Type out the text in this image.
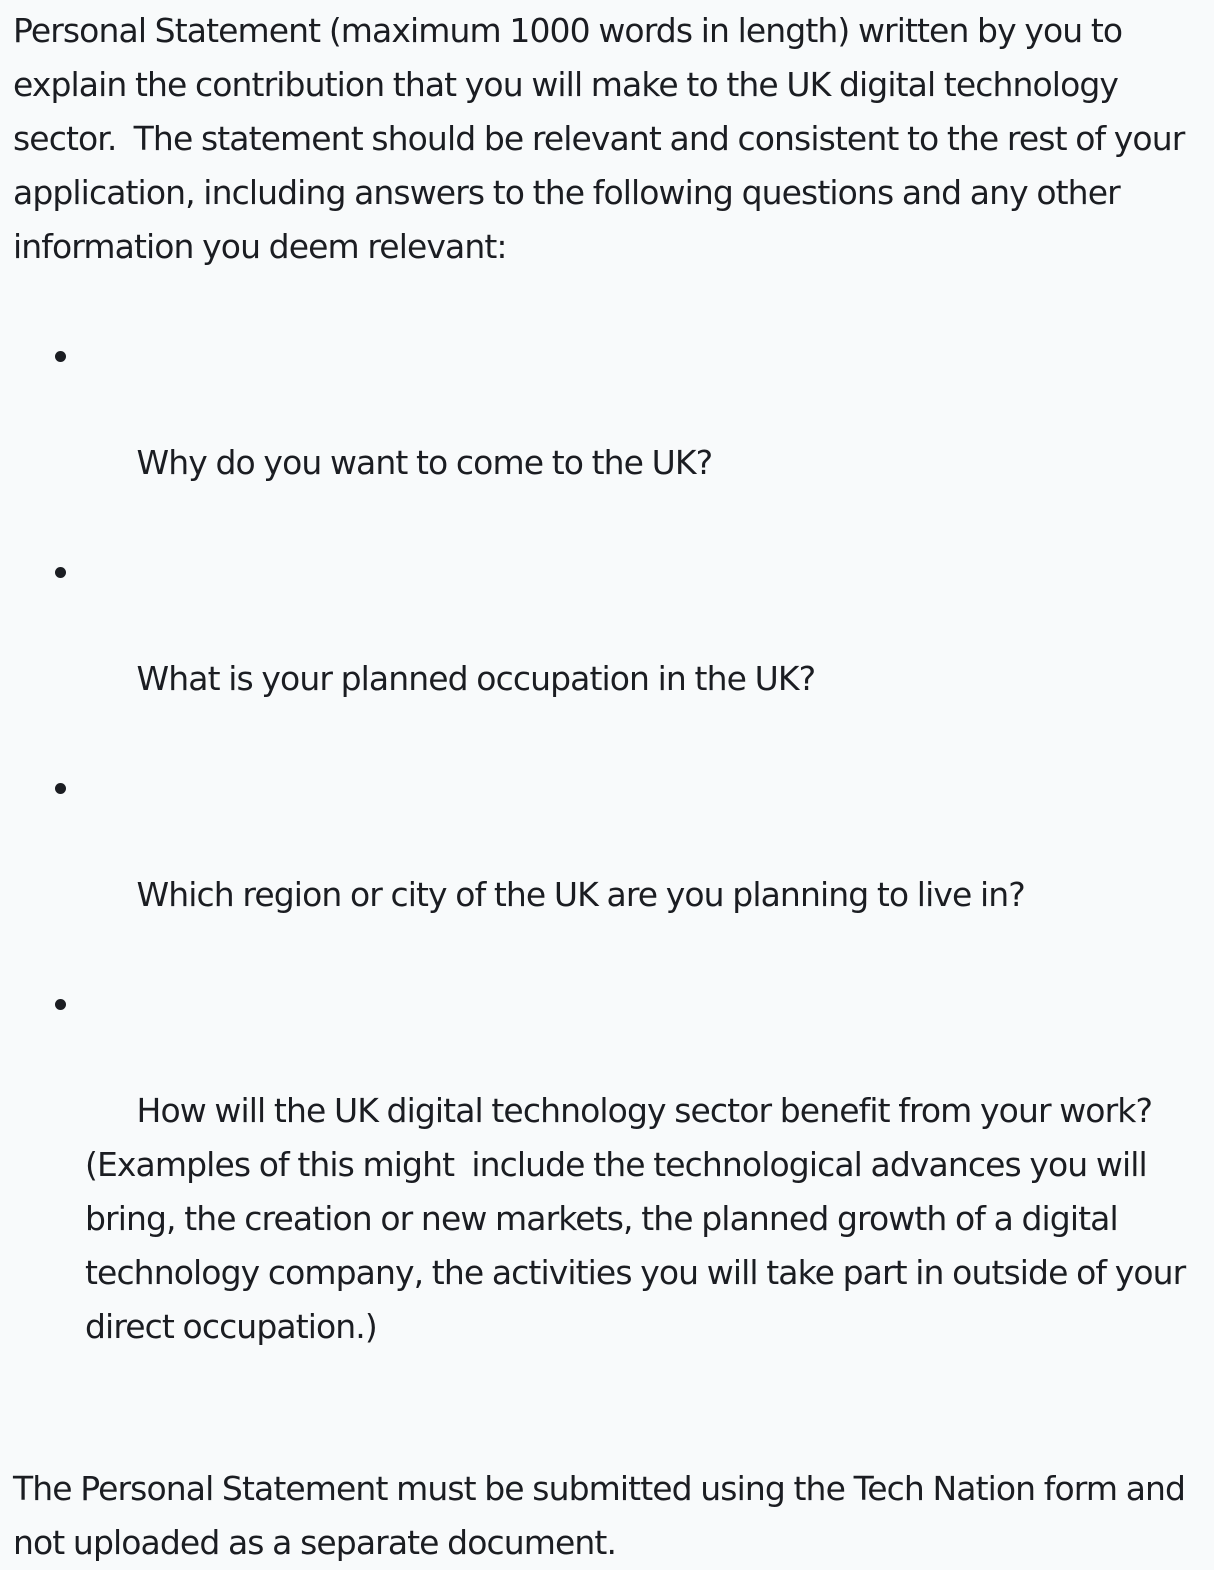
Personal Statement (maximum 1000 words in length) written by you to explain the contribution that you will make to the UK digital technology sector.  The statement should be relevant and consistent to the rest of your application, including answers to the following questions and any other information you deem relevant:

Why do you want to come to the UK?

What is your planned occupation in the UK?

Which region or city of the UK are you planning to live in?

How will the UK digital technology sector benefit from your work? (Examples of this might  include the technological advances you will bring, the creation or new markets, the planned growth of a digital technology company, the activities you will take part in outside of your direct occupation.)

The Personal Statement must be submitted using the Tech Nation form and not uploaded as a separate document.
